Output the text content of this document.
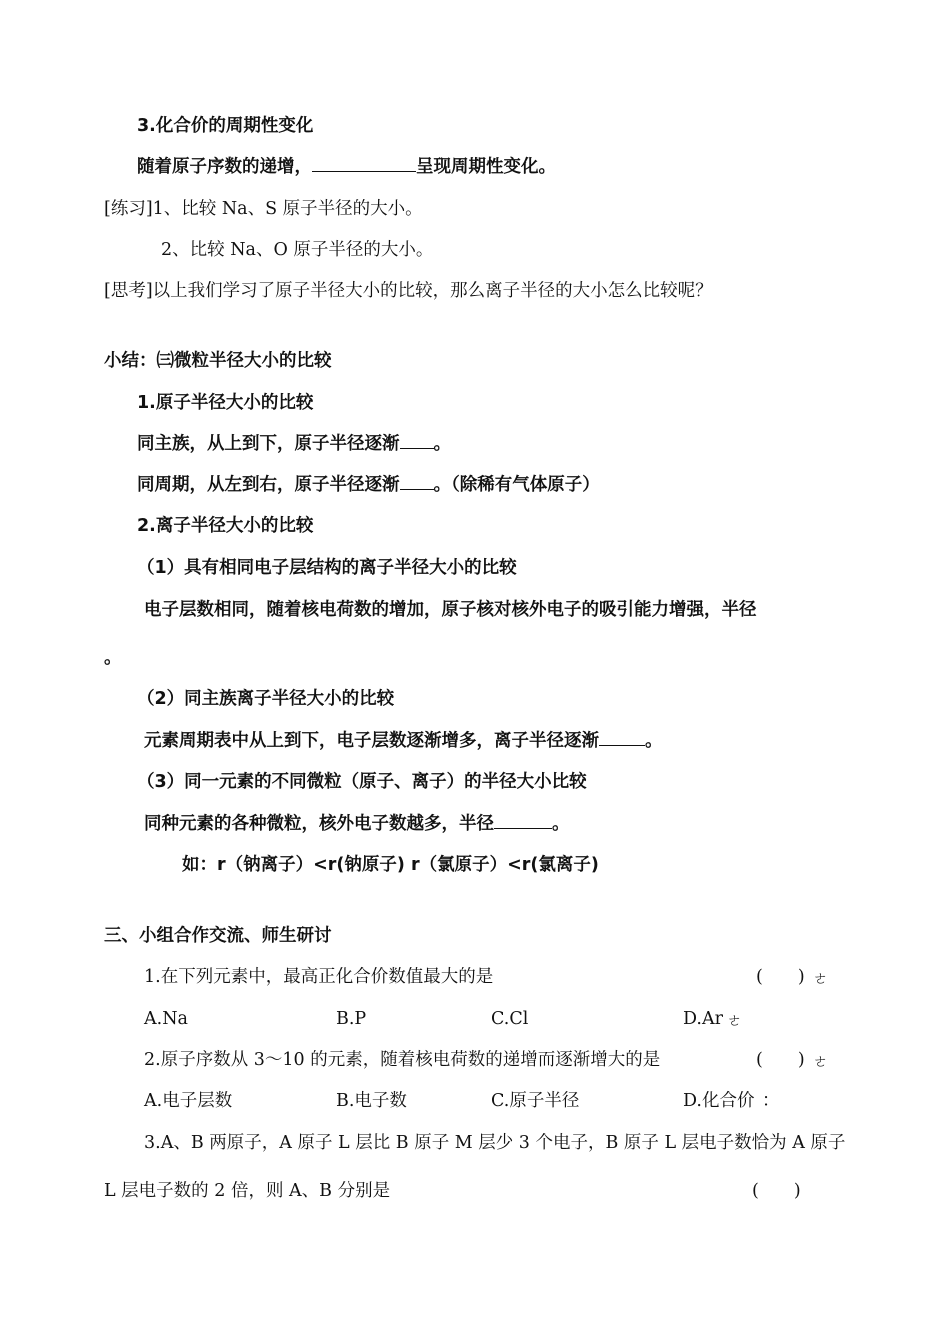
3.化合价的周期性变化
随着原子序数的递增，	呈现周期性变化。
[练习]1、比较 Na、S 原子半径的大小。
2、比较 Na、O 原子半径的大小。
[思考]以上我们学习了原子半径大小的比较，那么离子半径的大小怎么比较呢？
小结：㈢微粒半径大小的比较
1.原子半径大小的比较
同主族，从上到下，原子半径逐渐 。
同周期，从左到右，原子半径逐渐 。（除稀有气体原子）
2.离子半径大小的比较
（1）具有相同电子层结构的离子半径大小的比较
电子层数相同，随着核电荷数的增加，原子核对核外电子的吸引能力增强，半径
。
（2）同主族离子半径大小的比较
元素周期表中从上到下，电子层数逐渐增多，离子半径逐渐	。
（3）同一元素的不同微粒（原子、离子）的半径大小比较
同种元素的各种微粒，核外电子数越多，半径	。
如：r（钠离子）<r(钠原子) r（氯原子）<r(氯离子)
三、小组合作交流、师生研讨
1.在下列元素中，最高正化合价数值最大的是	(　　) ㄜ
A.Na	B.P	C.Cl	D.Ar ㄜ
2.原子序数从 3～10 的元素，随着核电荷数的递增而逐渐增大的是	(　　) ㄜ
A.电子层数	B.电子数	C.原子半径	D.化合价 ：
3.A、B 两原子，A 原子 L 层比 B 原子 M 层少 3 个电子，B 原子 L 层电子数恰为 A 原子
L 层电子数的 2 倍，则 A、B 分别是	(　　)
